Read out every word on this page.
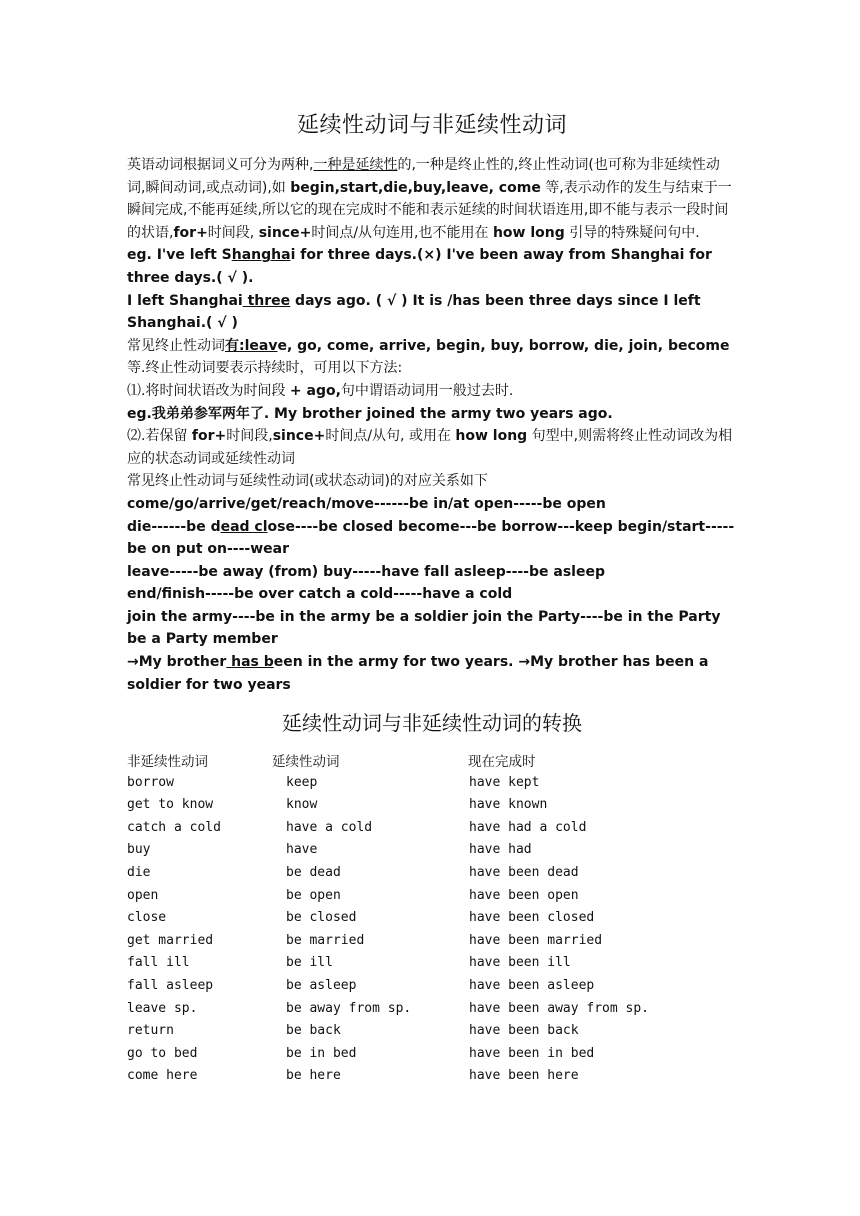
延续性动词与非延续性动词

英语动词根据词义可分为两种,一种是延续性的,一种是终止性的,终止性动词(也可称为非延续性动词,瞬间动词,或点动词),如 begin,start,die,buy,leave, come 等,表示动作的发生与结束于一瞬间完成,不能再延续,所以它的现在完成时不能和表示延续的时间状语连用,即不能与表示一段时间的状语,for+时间段, since+时间点/从句连用,也不能用在 how long 引导的特殊疑问句中.

eg. I've left Shanghai for three days.(×) I've been away from Shanghai for three days.( √ ).

I left Shanghai three days ago. ( √ ) It is /has been three days since I left Shanghai.( √ )

常见终止性动词有:leave, go, come, arrive, begin, buy, borrow, die, join, become 等.终止性动词要表示持续时，可用以下方法:

⑴.将时间状语改为时间段 + ago,句中谓语动词用一般过去时.

eg.我弟弟参军两年了. My brother joined the army two years ago.

⑵.若保留 for+时间段,since+时间点/从句, 或用在 how long 句型中,则需将终止性动词改为相应的状态动词或延续性动词

常见终止性动词与延续性动词(或状态动词)的对应关系如下

come/go/arrive/get/reach/move------be in/at open-----be open

die------be dead close----be closed become---be borrow---keep begin/start-----be on put on----wear

leave-----be away (from) buy-----have fall asleep----be asleep

end/finish-----be over catch a cold-----have a cold

join the army----be in the army be a soldier join the Party----be in the Party be a Party member

→My brother has been in the army for two years. →My brother has been a soldier for two years

延续性动词与非延续性动词的转换
非延续性动词	延续性动词	现在完成时
borrow	keep	have kept
get to know	know	have known
catch a cold	have a cold	have had a cold
buy	have	have had
die	be dead	have been dead
open	be open	have been open
close	be closed	have been closed
get married	be married	have been married
fall ill	be ill	have been ill
fall asleep	be asleep	have been asleep
leave sp.	be away from sp.	have been away from sp.
return	be back	have been back
go to bed	be in bed	have been in bed
come here	be here	have been here
